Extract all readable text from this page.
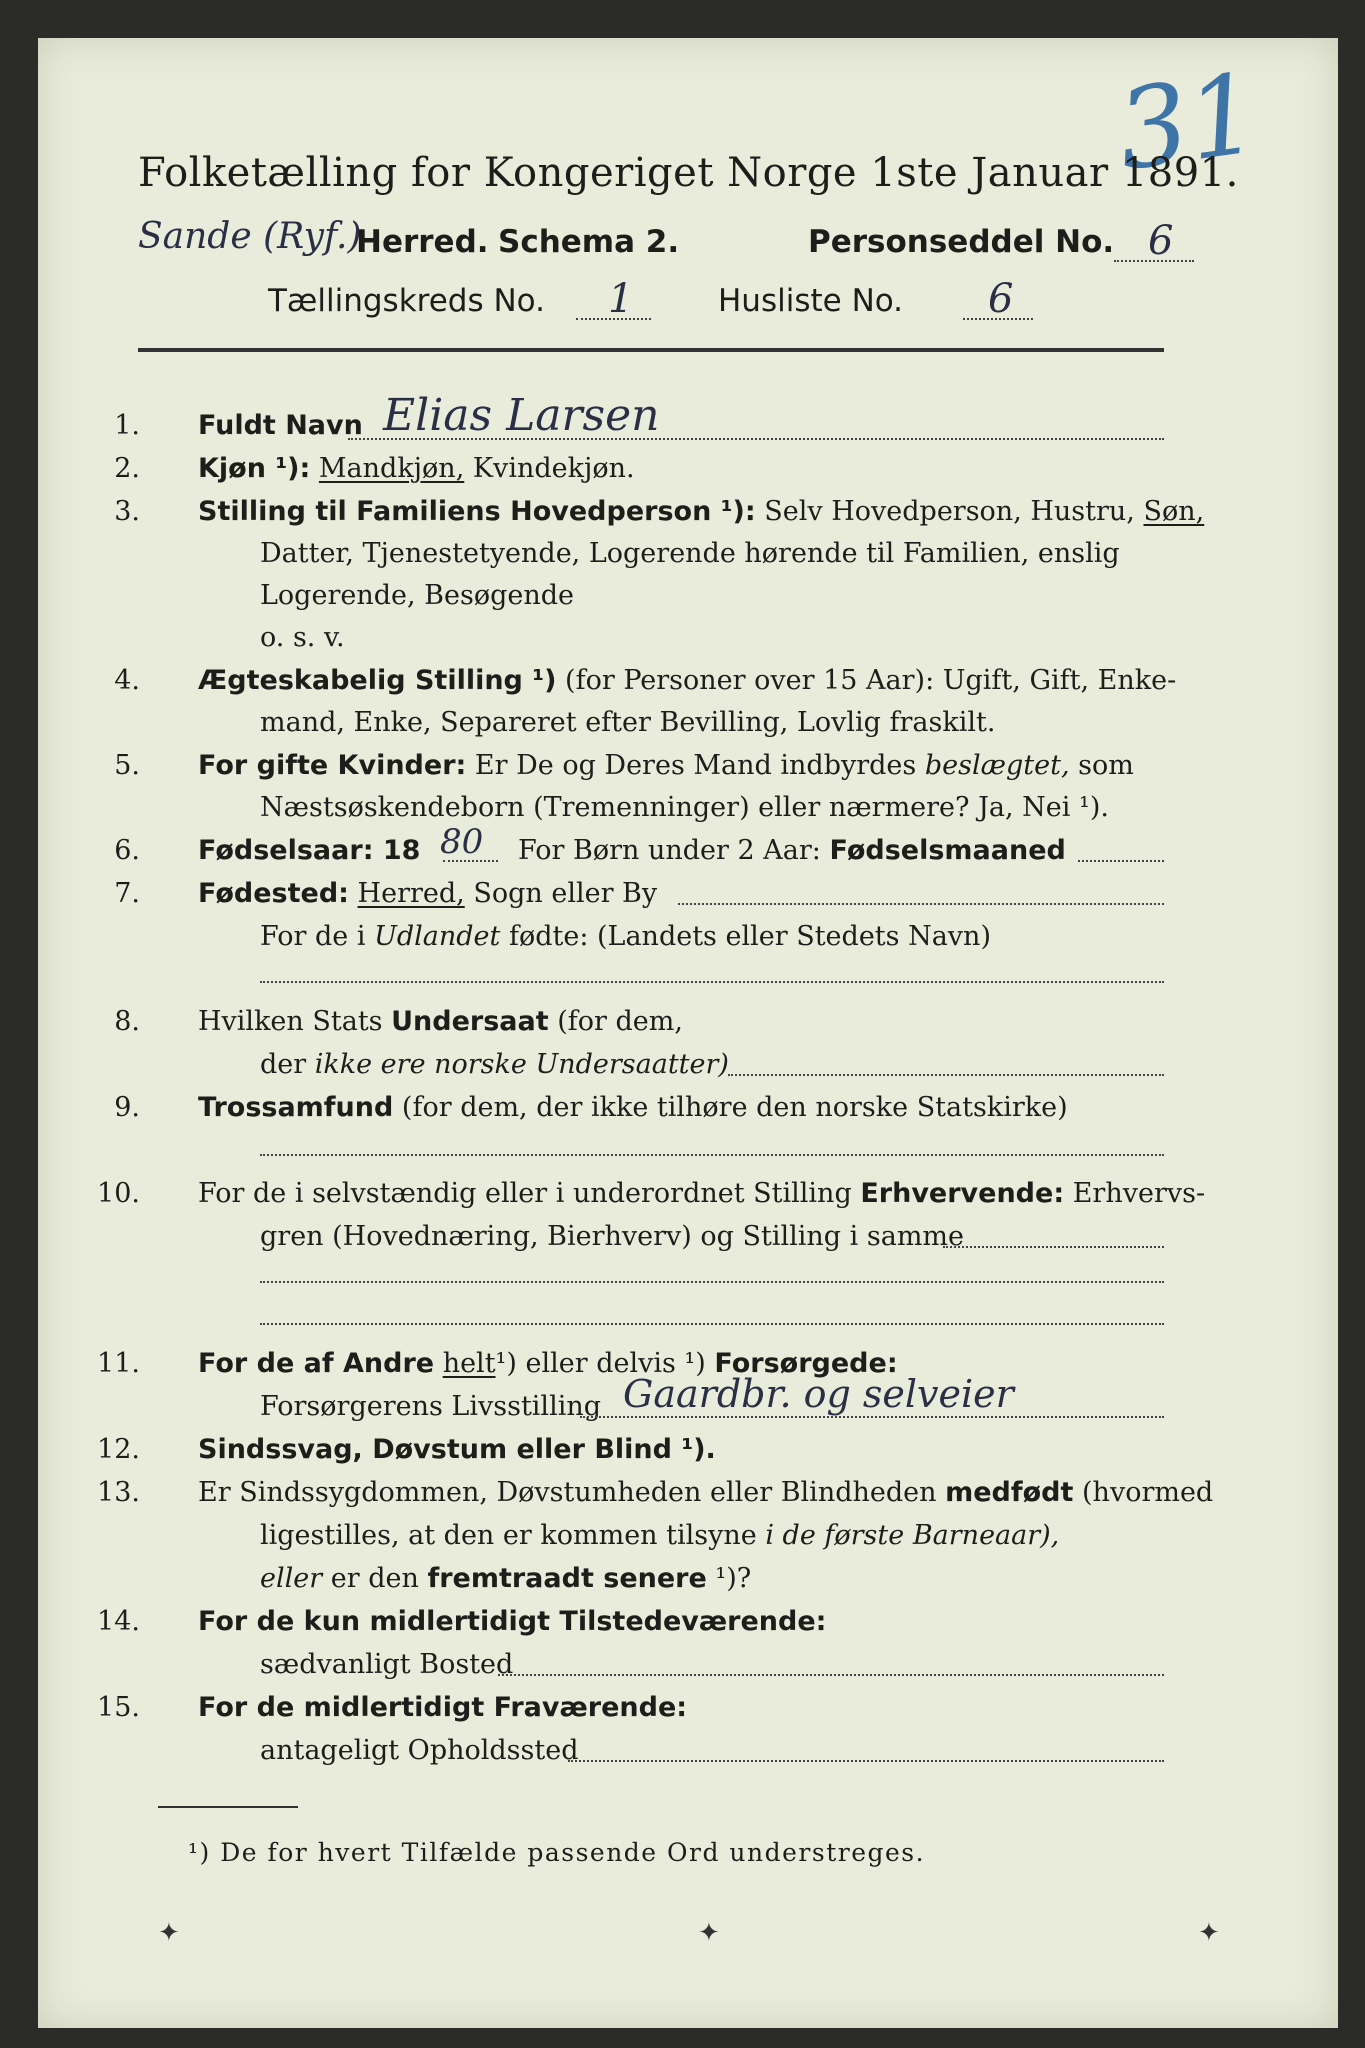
31
Folketælling for Kongeriget Norge 1ste Januar 1891.
Sande (Ryf.)
Herred. Schema 2.	Personseddel No. 6
Tællingskreds No. 1	Husliste No. 6
1. Fuldt Navn Elias Larsen
2. Kjøn ¹): Mandkjøn, Kvindekjøn.
3. Stilling til Familiens Hovedperson ¹): Selv Hovedperson, Hustru, Søn,
Datter, Tjenestetyende, Logerende hørende til Familien, enslig
Logerende, Besøgende
o. s. v.
4. Ægteskabelig Stilling ¹) (for Personer over 15 Aar): Ugift, Gift, Enke-
mand, Enke, Separeret efter Bevilling, Lovlig fraskilt.
5. For gifte Kvinder: Er De og Deres Mand indbyrdes beslægtet, som
Næstsøskendeborn (Tremenninger) eller nærmere? Ja, Nei ¹).
6. Fødselsaar: 18 80 For Børn under 2 Aar: Fødselsmaaned
7. Fødested: Herred, Sogn eller By
For de i Udlandet fødte: (Landets eller Stedets Navn)
8. Hvilken Stats Undersaat (for dem,
der ikke ere norske Undersaatter)
9. Trossamfund (for dem, der ikke tilhøre den norske Statskirke)
10. For de i selvstændig eller i underordnet Stilling Erhvervende: Erhvervs-
gren (Hovednæring, Bierhverv) og Stilling i samme
11. For de af Andre helt¹) eller delvis ¹) Forsørgede:
Forsørgerens Livsstilling Gaardbr. og selveier
12. Sindssvag, Døvstum eller Blind ¹).
13. Er Sindssygdommen, Døvstumheden eller Blindheden medfødt (hvormed
ligestilles, at den er kommen tilsyne i de første Barneaar),
eller er den fremtraadt senere ¹)?
14. For de kun midlertidigt Tilstedeværende:
sædvanligt Bosted
15. For de midlertidigt Fraværende:
antageligt Opholdssted
¹) De for hvert Tilfælde passende Ord understreges.
✦	✦	✦
